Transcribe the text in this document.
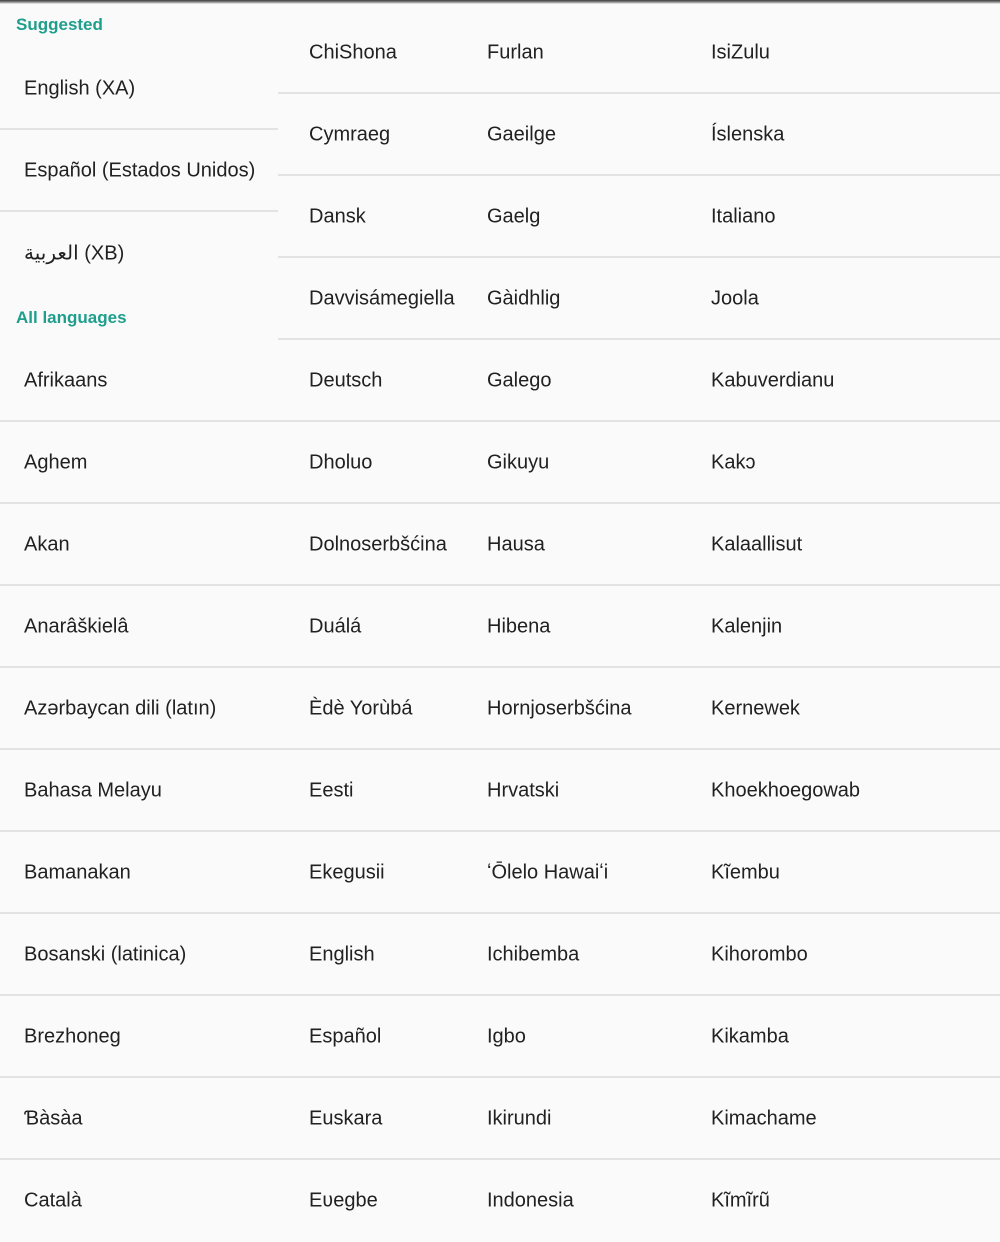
Suggested
English (XA)
Español (Estados Unidos)
العربية (XB)
All languages
Afrikaans
Aghem
Akan
Anarâškielâ
Azərbaycan dili (latın)
Bahasa Melayu
Bamanakan
Bosanski (latinica)
Brezhoneg
Ɓàsàa
Català
ChiShona
Cymraeg
Dansk
Davvisámegiella
Deutsch
Dholuo
Dolnoserbšćina
Duálá
Èdè Yorùbá
Eesti
Ekegusii
English
Español
Euskara
Eʋegbe
Furlan
Gaeilge
Gaelg
Gàidhlig
Galego
Gikuyu
Hausa
Hibena
Hornjoserbšćina
Hrvatski
ʻŌlelo Hawaiʻi
Ichibemba
Igbo
Ikirundi
Indonesia
IsiZulu
Íslenska
Italiano
Joola
Kabuverdianu
Kakɔ
Kalaallisut
Kalenjin
Kernewek
Khoekhoegowab
Kĩembu
Kihorombo
Kikamba
Kimachame
Kĩmĩrũ
